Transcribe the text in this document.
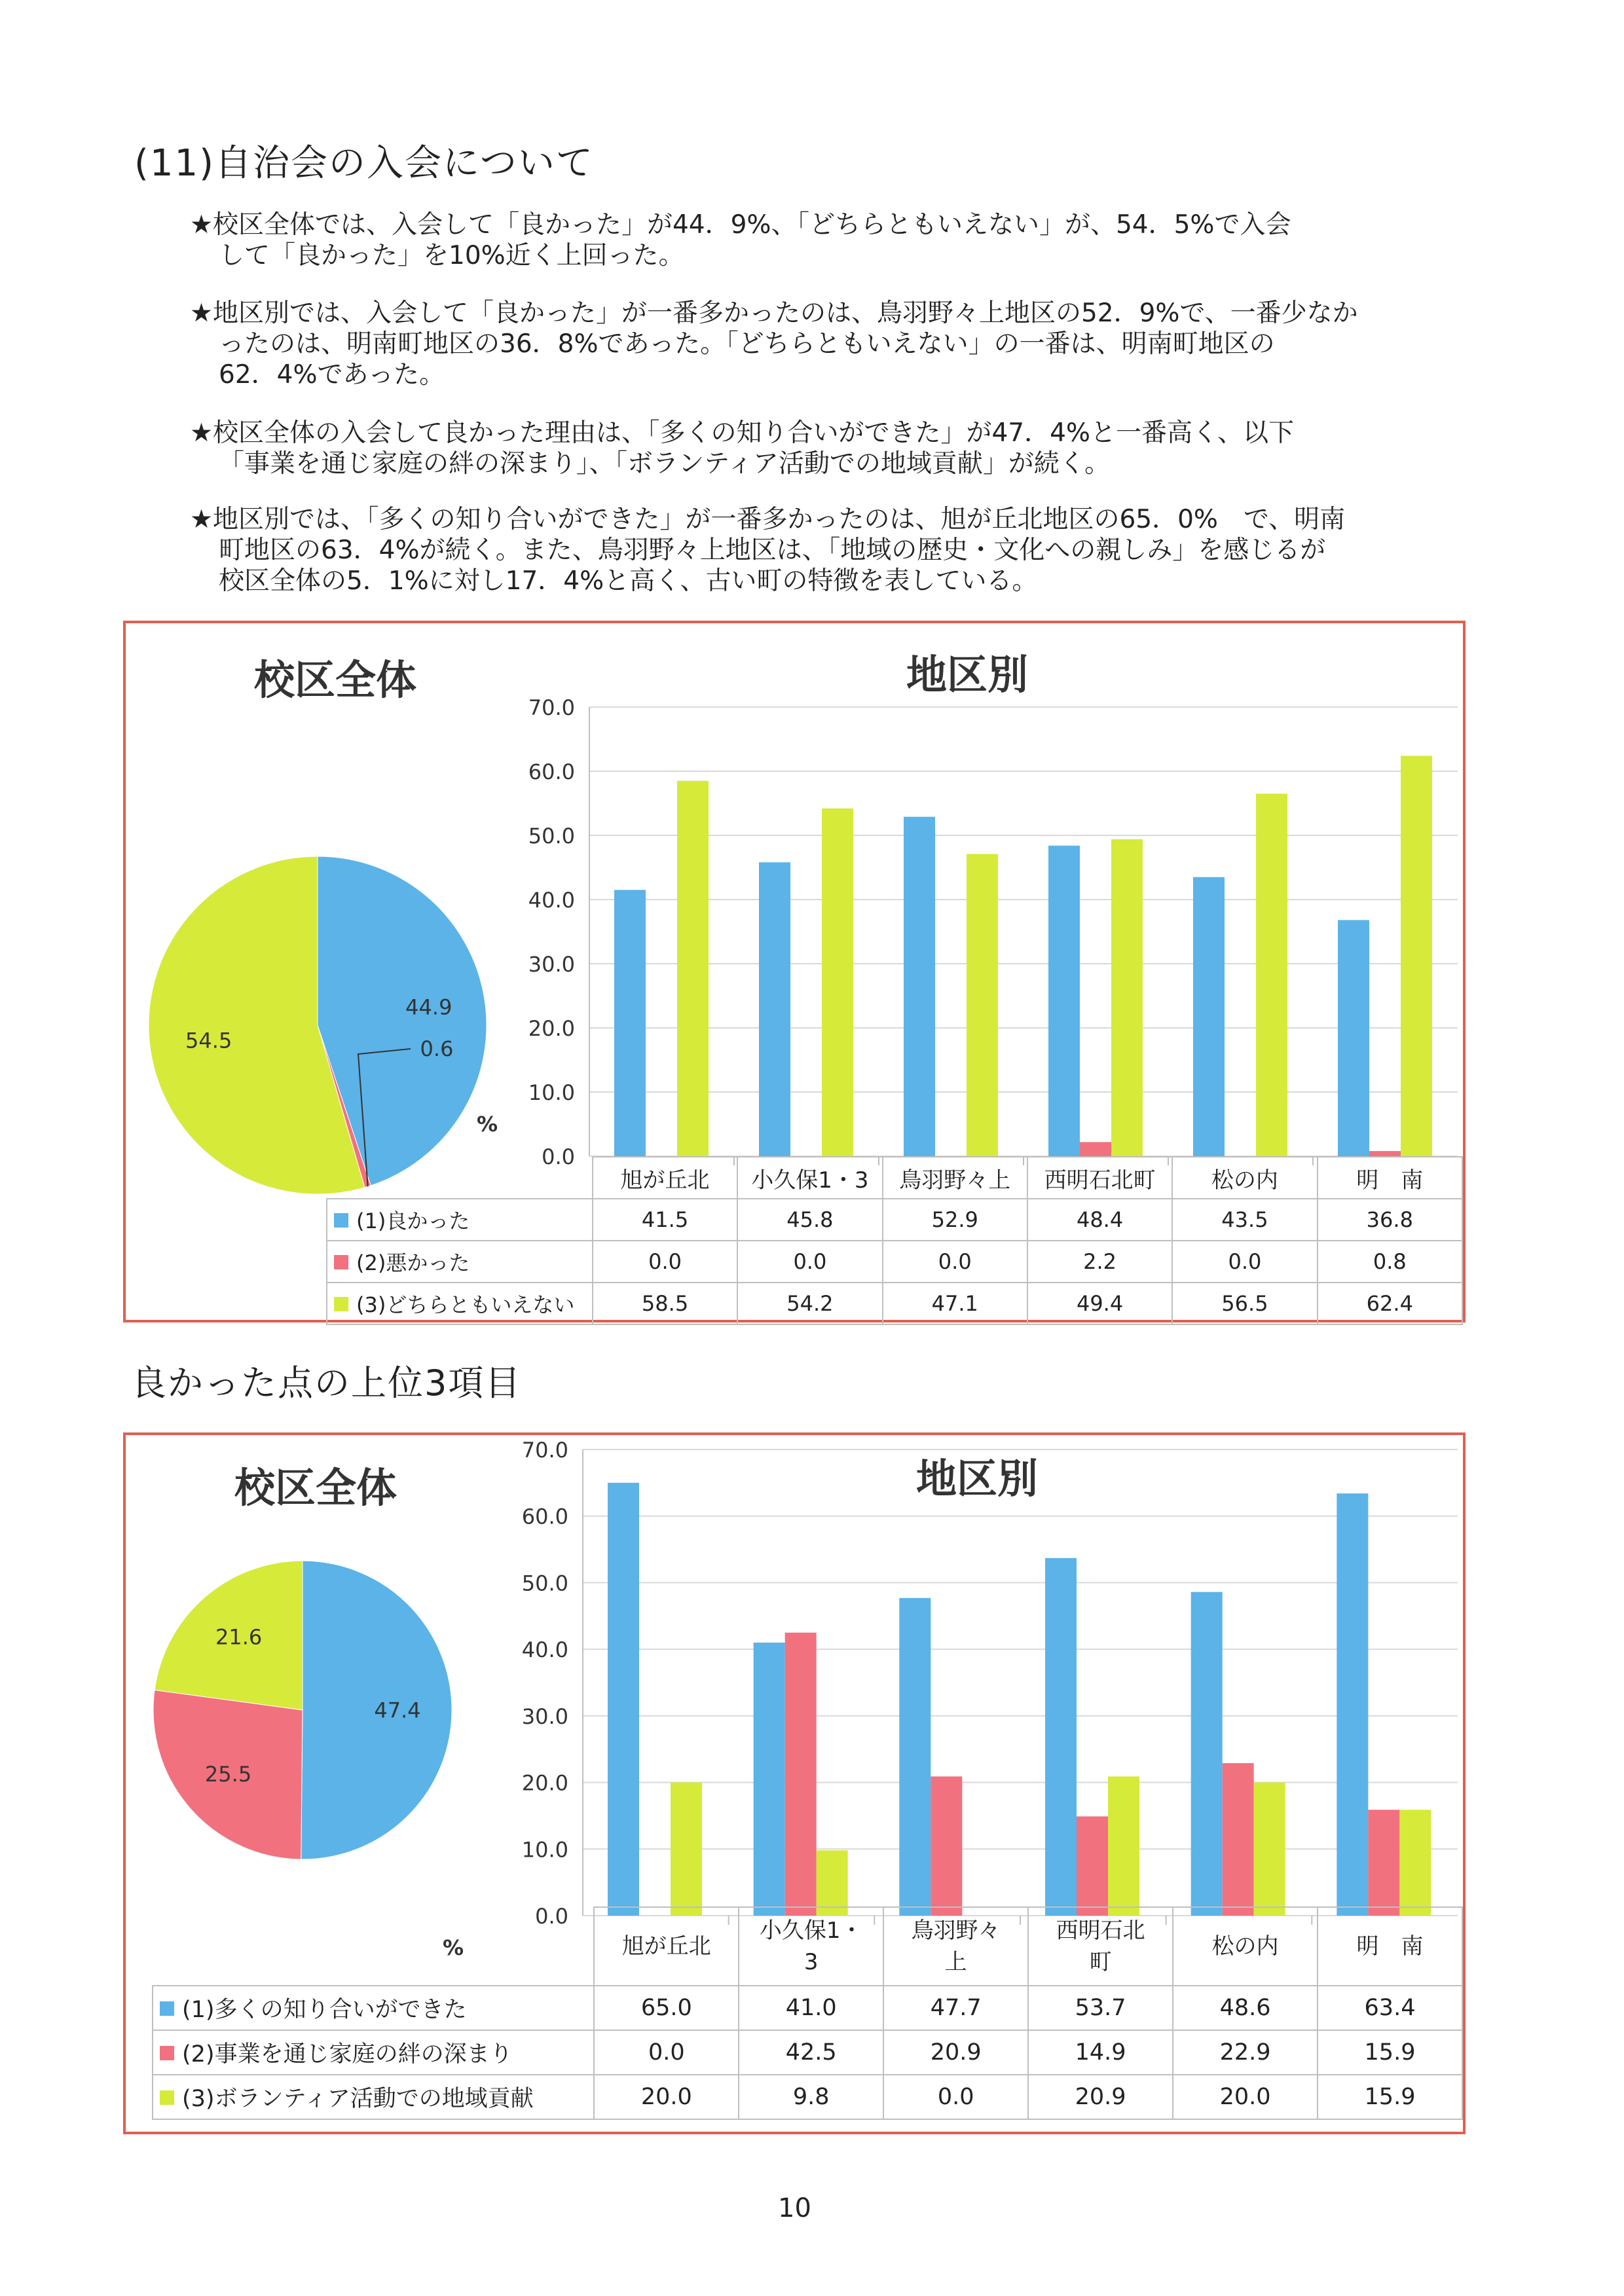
(11)自治会の入会について
★校区全体では、入会して「良かった」が44．9%、「どちらともいえない」が、54．5%で入会
して「良かった」を10%近く上回った。
★地区別では、入会して「良かった」が一番多かったのは、鳥羽野々上地区の52．9%で、一番少なか
ったのは、明南町地区の36．8%であった。「どちらともいえない」の一番は、明南町地区の
62．4%であった。
★校区全体の入会して良かった理由は、「多くの知り合いができた」が47．4%と一番高く、以下
「事業を通じ家庭の絆の深まり」、「ボランティア活動での地域貢献」が続く。
★地区別では、「多くの知り合いができた」が一番多かったのは、旭が丘北地区の65．0%　で、明南
町地区の63．4%が続く。また、鳥羽野々上地区は、「地域の歴史・文化への親しみ」を感じるが
校区全体の5．1%に対し17．4%と高く、古い町の特徴を表している。
校区全体
44.9
0.6
54.5
0.0
10.0
20.0
30.0
40.0
50.0
60.0
70.0
%
地区別
	旭が丘北	小久保1・3	鳥羽野々上	西明石北町	松の内	明　南
(1)良かった	41.5	45.8	52.9	48.4	43.5	36.8
(2)悪かった	0.0	0.0	0.0	2.2	0.0	0.8
(3)どちらともいえない	58.5	54.2	47.1	49.4	56.5	62.4
良かった点の上位3項目
校区全体
47.4
25.5
21.6
0.0
10.0
20.0
30.0
40.0
50.0
60.0
70.0
%
地区別
	旭が丘北	小久保1・
3	鳥羽野々
上	西明石北
町	松の内	明　南
(1)多くの知り合いができた	65.0	41.0	47.7	53.7	48.6	63.4
(2)事業を通じ家庭の絆の深まり	0.0	42.5	20.9	14.9	22.9	15.9
(3)ボランティア活動での地域貢献	20.0	9.8	0.0	20.9	20.0	15.9
10
